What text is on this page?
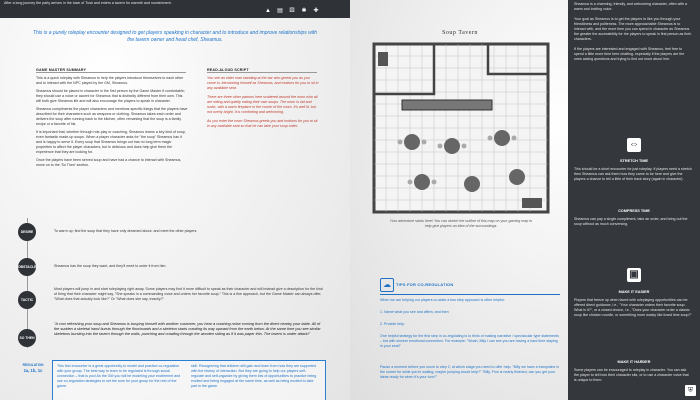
After a long journey the party arrives in the town of Tusk and enters a tavern for warmth and nourishment.
▲ ▤ ⚄ ✱ ✚
This is a purely roleplay encounter designed to get players speaking in character and to introduce and improve relationships with the tavern owner and head chef, Sheamus.
GAME MASTER SUMMARY

This is a quick roleplay with Sheamus to help the players introduce themselves to each other and to interact with the NPC played by the GM, Sheamus.

Sheamus should be placed in character in the first person by the Game Master if comfortable; they should use a voice or accent for Sheamus that is distinctly different from their own. This will both give Sheamus life and will also encourage the players to speak in character.

Sheamus compliments the player characters and mentions specific things that the players have described for their characters such as weapons or clothing. Sheamus takes each order and delivers the soup after running back to the kitchen, often remarking that the soup is a family recipe or a favorite of his.

It is important that, whether through role-play or coaching, Sheamus learns a key kind of soup, even fantastic made-up soups. When a player character asks for "the soup" Sheamus has it and is happy to serve it. Every soup that Sheamus brings out has no long term magic properties to affect the player characters, but is delicious and does help give them the experience that they are looking for.

Once the players have been served soup and have had a chance to interact with Sheamus, move on to the 'So Then' section.

READ-ALOUD SCRIPT

You see an older man standing at the bar who greets you as you come in, introducing himself as Sheamus, and motions for you to sit in any available seat.

There are three other patrons here scattered around the room who all are sitting and quietly eating their own soups. The room is old and rustic, with a warm fireplace in the corner of the room. It's well lit, but not overly bright. It is comforting and welcoming.

As you enter the room Sheamus greets you and motions for you to sit in any available seat so that he can take your soup order.

DESIRE	To warm up; find the soup that they have only dreamed about, and meet the other players.
OBSTACLE	Sheamus has the soup they want, and they'll need to order it from him.
TACTIC
Most players will jump in and start roleplaying right away. Some players may find it more difficult to speak as their character and will instead give a description for the kind of thing that their character might say, "She speaks in a commanding voice and orders her favorite soup." This is a fine approach, but the Game Master can always offer, "What does that actually look like?" Or "What does she say, exactly?"
SO THEN
"A cool refreshing your soup and Sheamus is busying himself with another customer, you hear a crashing noise coming from the direct nearby your table. All of the sudden a skeletal hand bursts through the floorboards and a skeleton starts crawling its way upward from the earth below. At the same time you see similar skeletons bursting into the tavern through the walls, punching and crawling through the wooden siding as if it was paper thin. The tavern is under attack!"
REGULATION
1a, 1b, 1c
This first encounter is a great opportunity to model and practice co-regulation with your group. The best way to learn to be regulated is through social connection – that is you! As the GM you will be modeling your excitement and use co-regulation strategies to set the tone for your group for the rest of the game.
skill. Recognizing that children still gain and learn from how they are supported with the history of interaction. But they are going to help our players self-regulate and self-organize by giving them lots of opportunities to practice being excited and being engaged at the same time, as well as being excited to take part in the game.
Soup Tavern
Your adventure starts here! You can sketch the outline of this map on your gaming map to help give players an idea of the surroundings.
☁	TIPS FOR CO-REGULATION
When we are helping our players co-state a two step approach is often helpful:
1. Name what you see and affirm, and then
2. Provide help.
One helpful strategy for the first step in co-regulating is to think of making narrative / spectacular type statements – but with sincere emotional connection. For example: "Woah, Billy I can see you are having a hard time staying in your seat!"
Pause a moment before you move to step 2, at which stage you need to offer help: "Billy we have a trampoline in the corner for while you're waiting, maybe jumping would help?" "Billy, Finn is nearly finished, can you get your ideas ready for when it's your turn?"

Sheamus is a charming, friendly, and welcoming character, often with a warm and inviting voice.

Your goal as Sheamus is to get the players to like you through your friendliness and politeness. The more approachable Sheamus is to interact with, and the more time you can spend in character as Sheamus the greater the accessibility for the players to speak in first person as their characters.

If the players are interested and engaged with Sheamus, feel free to spend a little more time here chatting, especially if the players are the ones asking questions and trying to find out more about him.

⇔
STRETCH TIME
This should be a short encounter for just roleplay. If players need a stretch then Sheamus can ask them how they came to be here and give the players a chance to tell a little of their back story (again in character).
COMPRESS TIME
Sheamus can pay a single compliment, take an order, and bring out the soup without as much conversing.
▣
MAKE IT EASIER
Players that freeze up when faced with roleplaying opportunities can be offered direct guidance, i.e., "Your character orders their favorite soup. What is it?", or a closed choice, i.e., "Does your character order a classic soup like chicken noodle, or something more wacky like lizard lime soup?"
MAKE IT HARDER
Some players can be encouraged to roleplay in character. You can ask the player to tell how their character sits, or to use a character voice that is unique to them.
⛨
